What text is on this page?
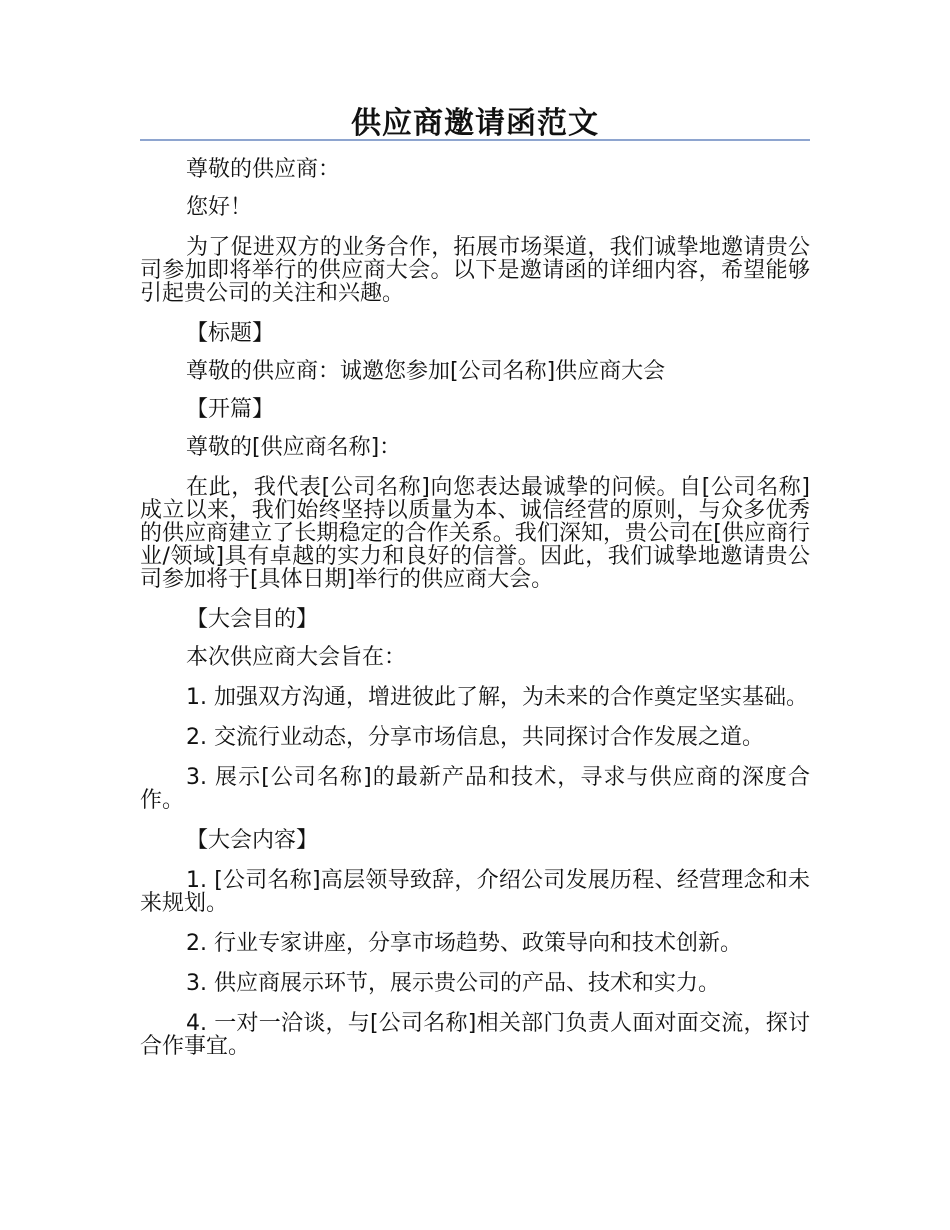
供应商邀请函范文

尊敬的供应商：

您好！

为了促进双方的业务合作，拓展市场渠道，我们诚挚地邀请贵公司参加即将举行的供应商大会。以下是邀请函的详细内容，希望能够引起贵公司的关注和兴趣。

【标题】

尊敬的供应商：诚邀您参加[公司名称]供应商大会

【开篇】

尊敬的[供应商名称]：

在此，我代表[公司名称]向您表达最诚挚的问候。自[公司名称]成立以来，我们始终坚持以质量为本、诚信经营的原则，与众多优秀的供应商建立了长期稳定的合作关系。我们深知，贵公司在[供应商行业/领域]具有卓越的实力和良好的信誉。因此，我们诚挚地邀请贵公司参加将于[具体日期]举行的供应商大会。

【大会目的】

本次供应商大会旨在：

1. 加强双方沟通，增进彼此了解，为未来的合作奠定坚实基础。

2. 交流行业动态，分享市场信息，共同探讨合作发展之道。

3. 展示[公司名称]的最新产品和技术，寻求与供应商的深度合作。

【大会内容】

1. [公司名称]高层领导致辞，介绍公司发展历程、经营理念和未来规划。

2. 行业专家讲座，分享市场趋势、政策导向和技术创新。

3. 供应商展示环节，展示贵公司的产品、技术和实力。

4. 一对一洽谈，与[公司名称]相关部门负责人面对面交流，探讨合作事宜。
